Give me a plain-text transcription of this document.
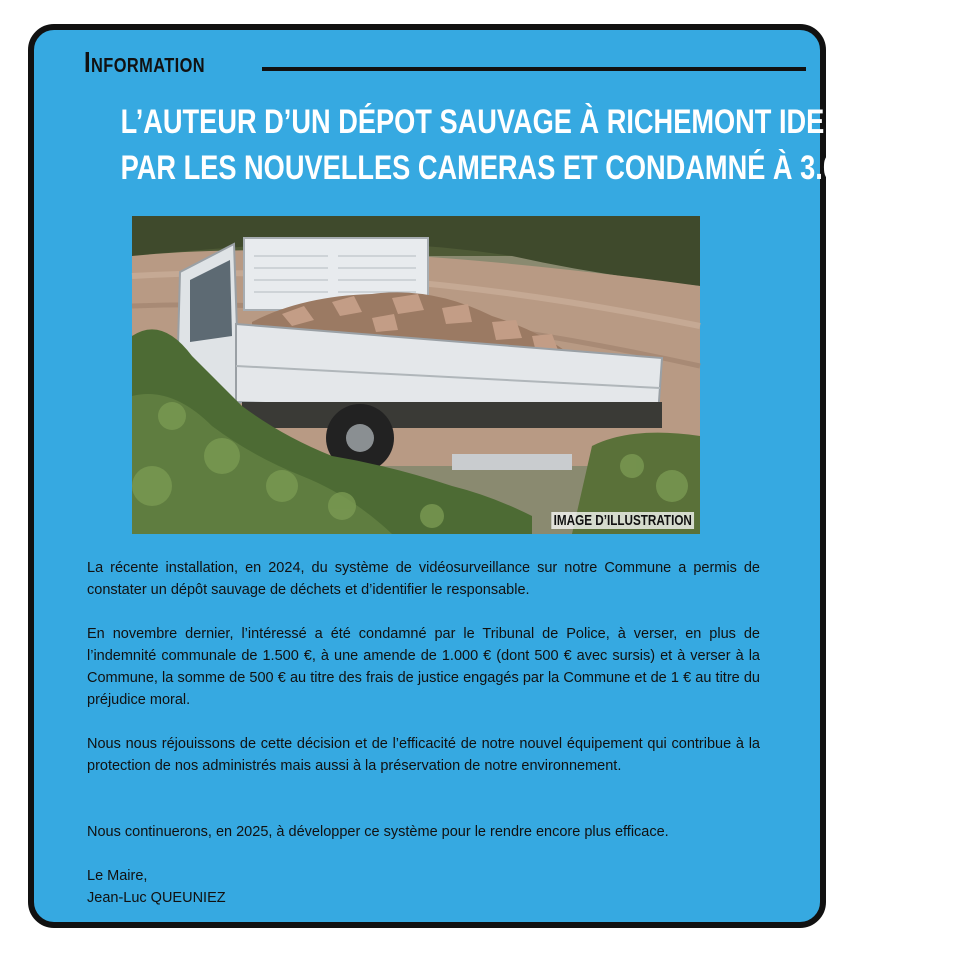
Information
L’AUTEUR D’UN DÉPOT SAUVAGE À RICHEMONT IDENTIFIÉ
PAR LES NOUVELLES CAMERAS ET CONDAMNÉ À 3.000 EUROS
IMAGE D’ILLUSTRATION

La récente installation, en 2024, du système de vidéosurveillance sur notre Commune a permis de constater un dépôt sauvage de déchets et d’identifier le responsable.

En novembre dernier, l’intéressé a été condamné par le Tribunal de Police, à verser, en plus de l’indemnité communale de 1.500 €, à une amende de 1.000 € (dont 500 € avec sursis) et à verser à la Commune, la somme de 500 € au titre des frais de justice engagés par la Commune et de 1 € au titre du préjudice moral.

Nous nous réjouissons de cette décision et de l’efficacité de notre nouvel équipement qui contribue à la protection de nos administrés mais aussi à la préservation de notre environnement.

Nous continuerons, en 2025, à développer ce système pour le rendre encore plus efficace.

Le Maire,
Jean-Luc QUEUNIEZ
